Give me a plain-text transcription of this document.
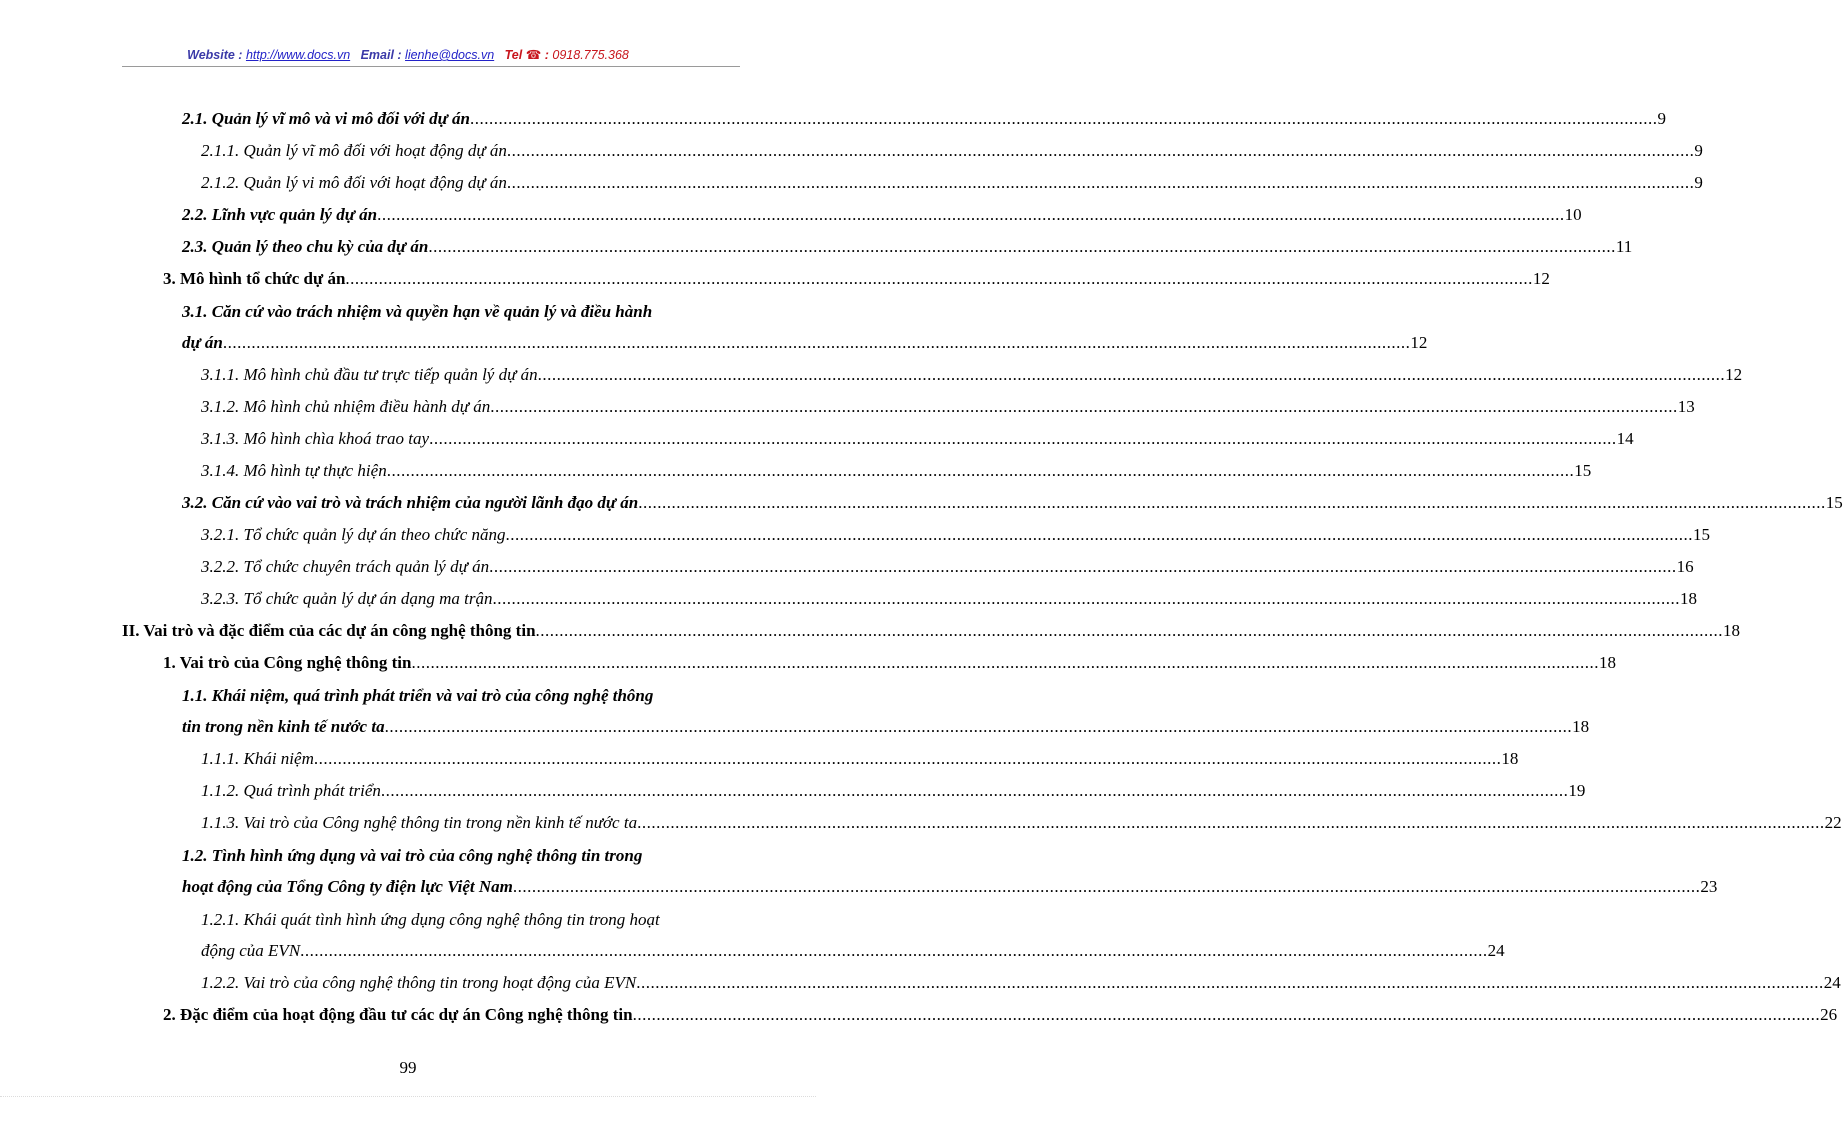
Website : http://www.docs.vn Email : lienhe@docs.vn Tel ☎ : 0918.775.368
2.1. Quản lý vĩ mô và vi mô đối với dự án .......................................................................................................................................................................................................................................................... 9
2.1.1. Quản lý vĩ mô đối với hoạt động dự án .......................................................................................................................................................................................................................................................... 9
2.1.2. Quản lý vi mô đối với hoạt động dự án .......................................................................................................................................................................................................................................................... 9
2.2. Lĩnh vực quản lý dự án .......................................................................................................................................................................................................................................................... 10
2.3. Quản lý theo chu kỳ của dự án .......................................................................................................................................................................................................................................................... 11
3. Mô hình tổ chức dự án .......................................................................................................................................................................................................................................................... 12
3.1. Căn cứ vào trách nhiệm và quyền hạn về quản lý và điều hành
dự án .......................................................................................................................................................................................................................................................... 12
3.1.1. Mô hình chủ đầu tư trực tiếp quản lý dự án .......................................................................................................................................................................................................................................................... 12
3.1.2. Mô hình chủ nhiệm điều hành dự án .......................................................................................................................................................................................................................................................... 13
3.1.3. Mô hình chìa khoá trao tay .......................................................................................................................................................................................................................................................... 14
3.1.4. Mô hình tự thực hiện .......................................................................................................................................................................................................................................................... 15
3.2. Căn cứ vào vai trò và trách nhiệm của người lãnh đạo dự án .......................................................................................................................................................................................................................................................... 15
3.2.1. Tổ chức quản lý dự án theo chức năng .......................................................................................................................................................................................................................................................... 15
3.2.2. Tổ chức chuyên trách quản lý dự án .......................................................................................................................................................................................................................................................... 16
3.2.3. Tổ chức quản lý dự án dạng ma trận .......................................................................................................................................................................................................................................................... 18
II. Vai trò và đặc điểm của các dự án công nghệ thông tin .......................................................................................................................................................................................................................................................... 18
1. Vai trò của Công nghệ thông tin .......................................................................................................................................................................................................................................................... 18
1.1. Khái niệm, quá trình phát triển và vai trò của công nghệ thông
tin trong nền kinh tế nước ta .......................................................................................................................................................................................................................................................... 18
1.1.1. Khái niệm .......................................................................................................................................................................................................................................................... 18
1.1.2. Quá trình phát triển .......................................................................................................................................................................................................................................................... 19
1.1.3. Vai trò của Công nghệ thông tin trong nền kinh tế nước ta .......................................................................................................................................................................................................................................................... 22
1.2. Tình hình ứng dụng và vai trò của công nghệ thông tin trong
hoạt động của Tổng Công ty điện lực Việt Nam .......................................................................................................................................................................................................................................................... 23
1.2.1. Khái quát tình hình ứng dụng công nghệ thông tin trong hoạt
động của EVN .......................................................................................................................................................................................................................................................... 24
1.2.2. Vai trò của công nghệ thông tin trong hoạt động của EVN .......................................................................................................................................................................................................................................................... 24
2. Đặc điểm của hoạt động đầu tư các dự án Công nghệ thông tin .......................................................................................................................................................................................................................................................... 26
99
